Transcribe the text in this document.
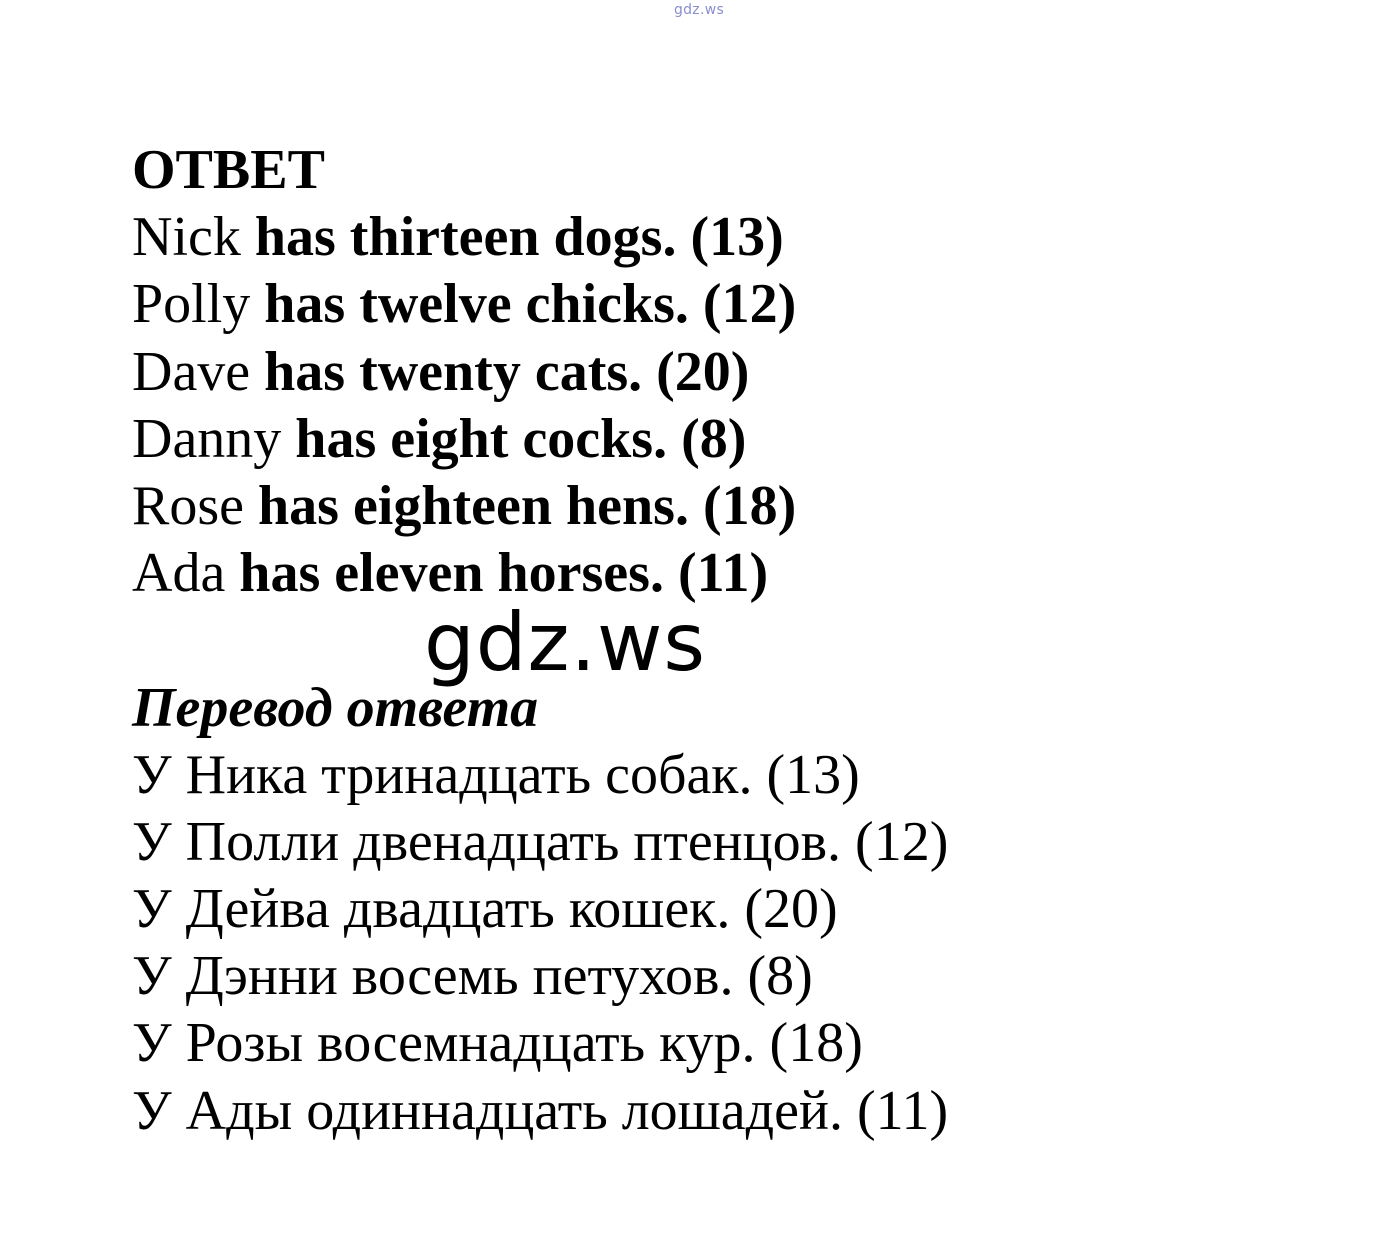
gdz.ws
ОТВЕТ
Nick has thirteen dogs. (13)
Polly has twelve chicks. (12)
Dave has twenty cats. (20)
Danny has eight cocks. (8)
Rose has eighteen hens. (18)
Ada has eleven horses. (11)
Перевод ответа
У Ника тринадцать собак. (13)
У Полли двенадцать птенцов. (12)
У Дейва двадцать кошек. (20)
У Дэнни восемь петухов. (8)
У Розы восемнадцать кур. (18)
У Ады одиннадцать лошадей. (11)
gdz.ws
